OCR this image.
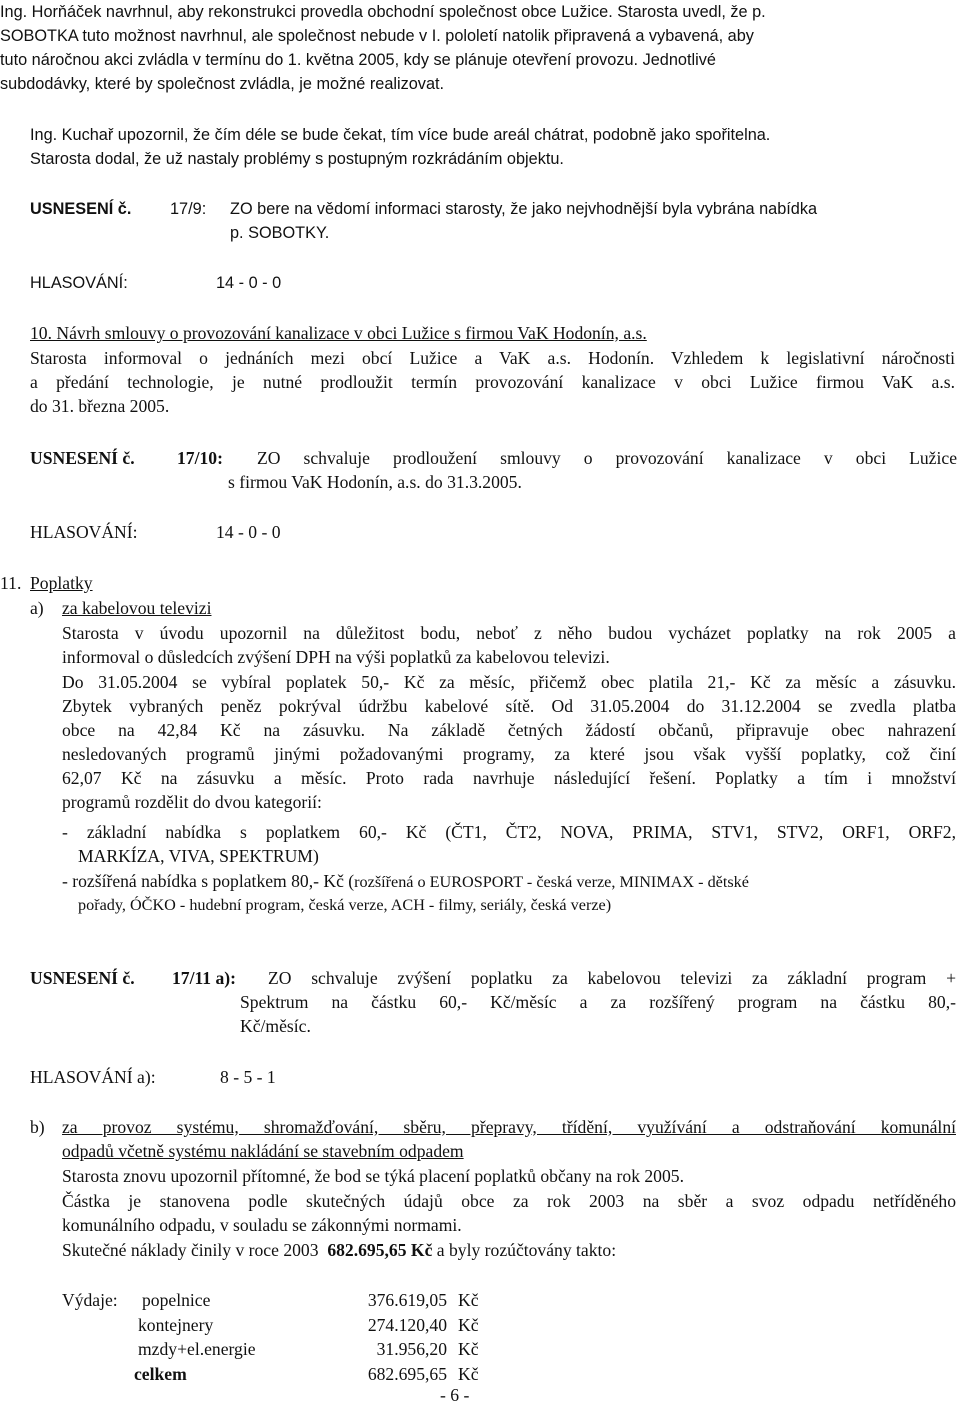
Ing. Horňáček navrhnul, aby rekonstrukci provedla obchodní společnost obce Lužice. Starosta uvedl, že p.
SOBOTKA tuto možnost navrhnul, ale společnost nebude v I. pololetí natolik připravená a vybavená, aby
tuto náročnou akci zvládla v termínu do 1. května 2005, kdy se plánuje otevření provozu. Jednotlivé
subdodávky, které by společnost zvládla, je možné realizovat.
Ing. Kuchař upozornil, že čím déle se bude čekat, tím více bude areál chátrat, podobně jako spořitelna.
Starosta dodal, že už nastaly problémy s postupným rozkrádáním objektu.
USNESENÍ č. 17/9: ZO bere na vědomí informaci starosty, že jako nejvhodnější byla vybrána nabídka
p. SOBOTKY.
HLASOVÁNÍ:	14 - 0 - 0
10. Návrh smlouvy o provozování kanalizace v obci Lužice s firmou VaK Hodonín, a.s.
Starosta informoval o jednáních mezi obcí Lužice a VaK a.s. Hodonín. Vzhledem k legislativní náročnosti
a předání technologie, je nutné prodloužit termín provozování kanalizace v obci Lužice firmou VaK a.s.
do 31. března 2005.
USNESENÍ č. 17/10: ZO schvaluje prodloužení smlouvy o provozování kanalizace v obci Lužice
s firmou VaK Hodonín, a.s. do 31.3.2005.
HLASOVÁNÍ:	14 - 0 - 0
11. Poplatky
a) za kabelovou televizi
Starosta v úvodu upozornil na důležitost bodu, neboť z něho budou vycházet poplatky na rok 2005 a
informoval o důsledcích zvýšení DPH na výši poplatků za kabelovou televizi.
Do 31.05.2004 se vybíral poplatek 50,- Kč za měsíc, přičemž obec platila 21,- Kč za měsíc a zásuvku.
Zbytek vybraných peněz pokrýval údržbu kabelové sítě. Od 31.05.2004 do 31.12.2004 se zvedla platba
obce na 42,84 Kč na zásuvku. Na základě četných žádostí občanů, připravuje obec nahrazení
nesledovaných programů jinými požadovanými programy, za které jsou však vyšší poplatky, což činí
62,07 Kč na zásuvku a měsíc. Proto rada navrhuje následující řešení. Poplatky a tím i množství
programů rozdělit do dvou kategorií:
- základní nabídka s poplatkem 60,- Kč (ČT1, ČT2, NOVA, PRIMA, STV1, STV2, ORF1, ORF2,
MARKÍZA, VIVA, SPEKTRUM)
- rozšířená nabídka s poplatkem 80,- Kč (rozšířená o EUROSPORT - česká verze, MINIMAX - dětské
pořady, ÓČKO - hudební program, česká verze, ACH - filmy, seriály, česká verze)
USNESENÍ č. 17/11 a): ZO schvaluje zvýšení poplatku za kabelovou televizi za základní program +
Spektrum na částku 60,- Kč/měsíc a za rozšířený program na částku 80,-
Kč/měsíc.
HLASOVÁNÍ a):	8 - 5 - 1
b) za provoz systému, shromažďování, sběru, přepravy, třídění, využívání a odstraňování komunální
odpadů včetně systému nakládání se stavebním odpadem
Starosta znovu upozornil přítomné, že bod se týká placení poplatků občany na rok 2005.
Částka je stanovena podle skutečných údajů obce za rok 2003 na sběr a svoz odpadu netříděného
komunálního odpadu, v souladu se zákonnými normami.
Skutečné náklady činily v roce 2003 682.695,65 Kč a byly rozúčtovány takto:
Výdaje: popelnice	376.619,05 Kč
kontejnery	274.120,40 Kč
mzdy+el.energie	31.956,20 Kč
celkem	682.695,65 Kč
- 6 -
